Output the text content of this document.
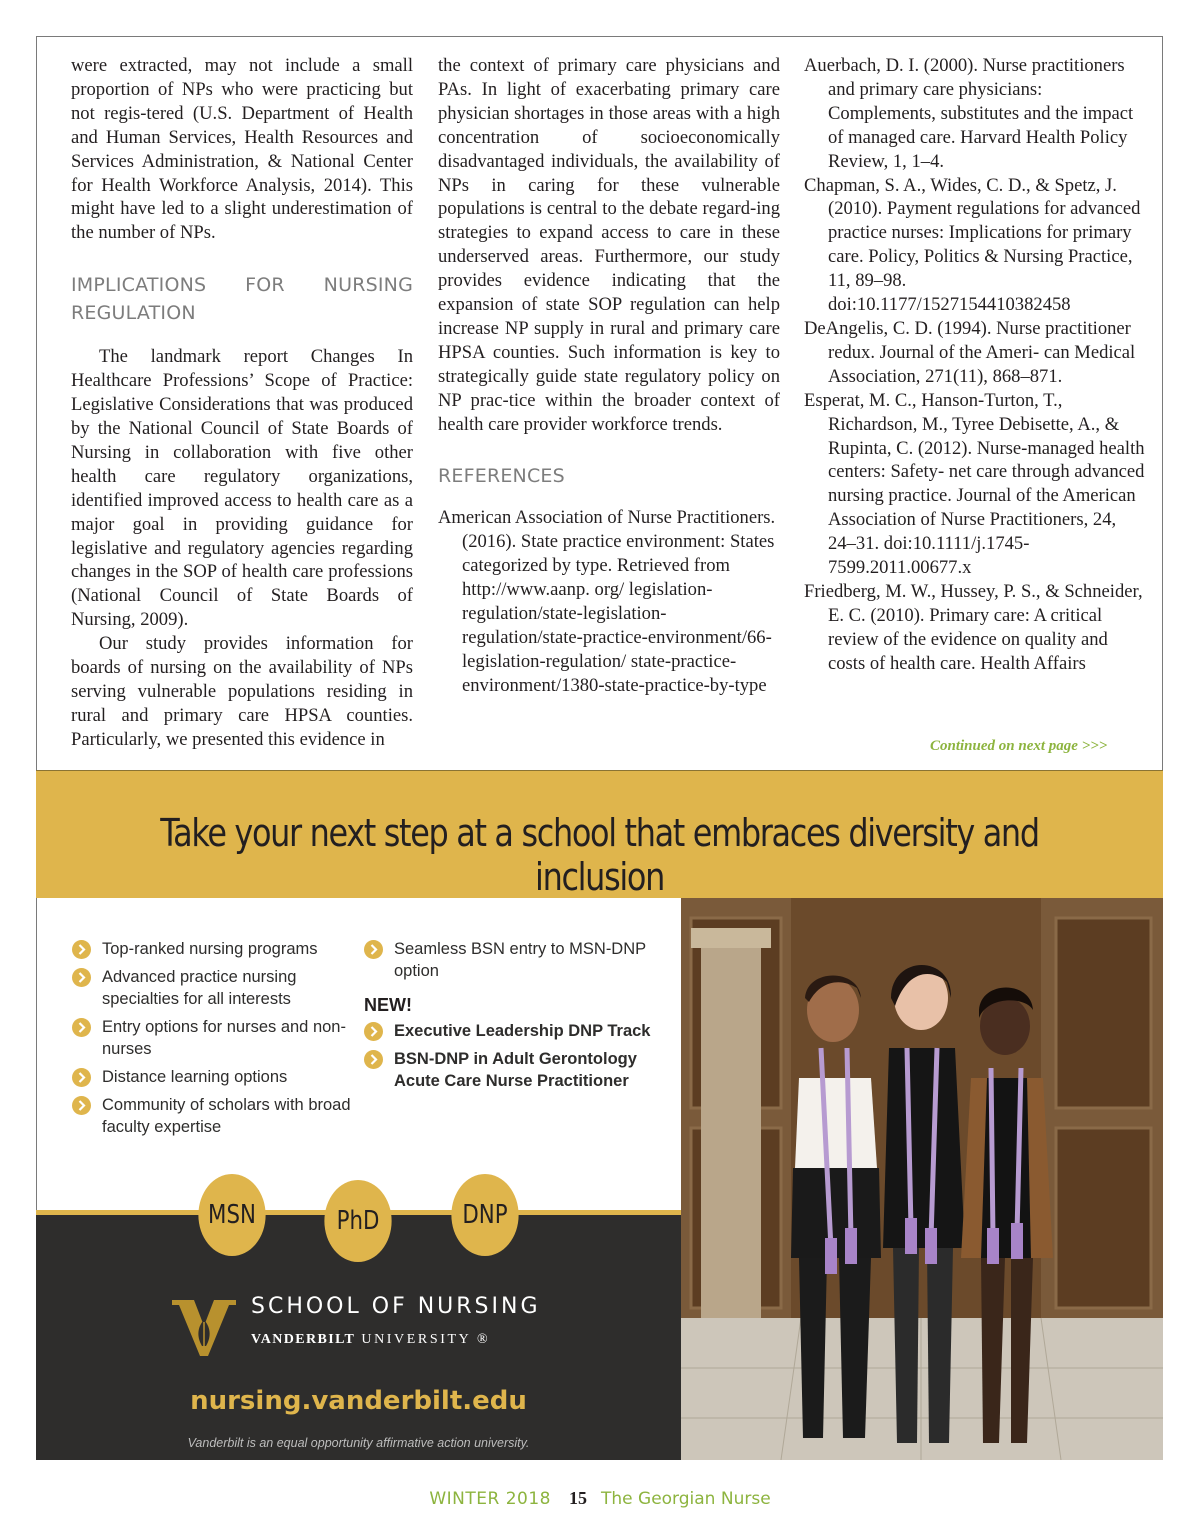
were extracted, may not include a small proportion of NPs who were practicing but not regis-tered (U.S. Department of Health and Human Services, Health Resources and Services Administration, & National Center for Health Workforce Analysis, 2014). This might have led to a slight underestimation of the number of NPs.

IMPLICATIONS FOR NURSING
REGULATION

The landmark report Changes In Healthcare Professions’ Scope of Practice: Legislative Considerations that was produced by the National Council of State Boards of Nursing in collaboration with five other health care regulatory organizations, identified improved access to health care as a major goal in providing guidance for legislative and regulatory agencies regarding changes in the SOP of health care professions (National Council of State Boards of Nursing, 2009).

Our study provides information for boards of nursing on the availability of NPs serving vulnerable populations residing in rural and primary care HPSA counties. Particularly, we presented this evidence in

the context of primary care physicians and PAs. In light of exacerbating primary care physician shortages in those areas with a high concentration of socioeconomically disadvantaged individuals, the availability of NPs in caring for these vulnerable populations is central to the debate regard-ing strategies to expand access to care in these underserved areas. Furthermore, our study provides evidence indicating that the expansion of state SOP regulation can help increase NP supply in rural and primary care HPSA counties. Such information is key to strategically guide state regulatory policy on NP prac-tice within the broader context of health care provider workforce trends.

REFERENCES

American Association of Nurse Practitioners. (2016). State practice environment: States categorized by type. Retrieved from http://www.aanp. org/ legislation-regulation/state-legislation-regulation/state-practice-environment/66-legislation-regulation/ state-practice- environment/1380-state-practice-by-type

Auerbach, D. I. (2000). Nurse practitioners and primary care physicians: Complements, substitutes and the impact of managed care. Harvard Health Policy Review, 1, 1–4.

Chapman, S. A., Wides, C. D., & Spetz, J. (2010). Payment regulations for advanced practice nurses: Implications for primary care. Policy, Politics & Nursing Practice, 11, 89–98. doi:10.1177/1527154410382458

DeAngelis, C. D. (1994). Nurse practitioner redux. Journal of the Ameri- can Medical Association, 271(11), 868–871.

Esperat, M. C., Hanson-Turton, T., Richardson, M., Tyree Debisette, A., & Rupinta, C. (2012). Nurse-managed health centers: Safety- net care through advanced nursing practice. Journal of the American Association of Nurse Practitioners, 24, 24–31. doi:10.1111/j.1745-7599.2011.00677.x

Friedberg, M. W., Hussey, P. S., & Schneider, E. C. (2010). Primary care: A critical review of the evidence on quality and costs of health care. Health Affairs

Continued on next page >>>
Take your next step at a school that embraces diversity and inclusion
Top-ranked nursing programs
Advanced practice nursing specialties for all interests
Entry options for nurses and non-nurses
Distance learning options
Community of scholars with broad faculty expertise
Seamless BSN entry to MSN-DNP option
NEW!
Executive Leadership DNP Track
BSN-DNP in Adult Gerontology Acute Care Nurse Practitioner
MSN	PhD	DNP
SCHOOL OF NURSING
VANDERBILT UNIVERSITY ®
nursing.vanderbilt.edu
Vanderbilt is an equal opportunity affirmative action university.
WINTER 2018 15 The Georgian Nurse
